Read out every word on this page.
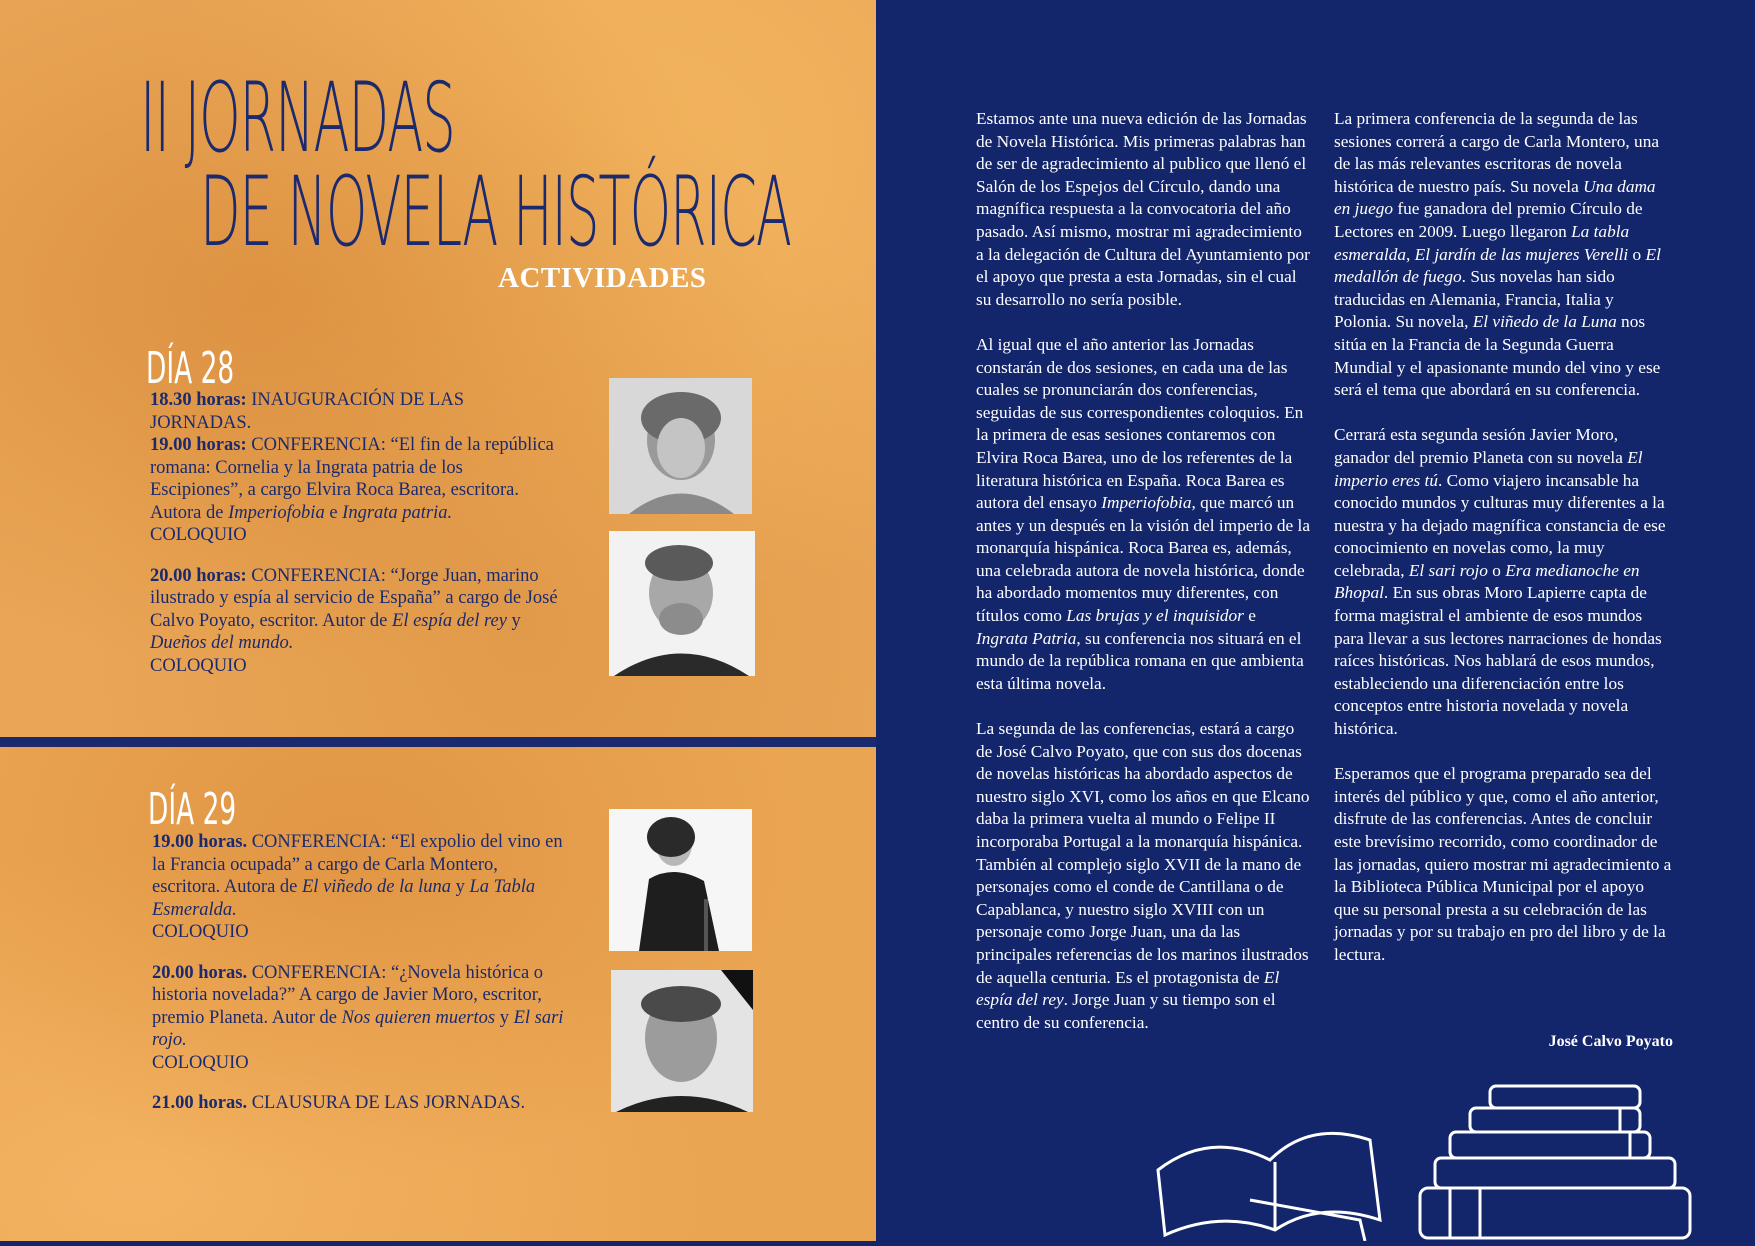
II JORNADAS
DE NOVELA HISTÓRICA
ACTIVIDADES
DÍA 28

18.30 horas: INAUGURACIÓN DE LAS JORNADAS.

19.00 horas: CONFERENCIA: “El fin de la república romana: Cornelia y la Ingrata patria de los Escipiones”, a cargo Elvira Roca Barea, escritora. Autora de Imperiofobia e Ingrata patria.

COLOQUIO

20.00 horas: CONFERENCIA: “Jorge Juan, marino ilustrado y espía al servicio de España” a cargo de José Calvo Poyato, escritor. Autor de El espía del rey y Dueños del mundo.

COLOQUIO

DÍA 29

19.00 horas. CONFERENCIA: “El expolio del vino en la Francia ocupada” a cargo de Carla Montero, escritora. Autora de El viñedo de la luna y La Tabla Esmeralda.

COLOQUIO

20.00 horas. CONFERENCIA: “¿Novela histórica o historia novelada?” A cargo de Javier Moro, escritor, premio Planeta. Autor de Nos quieren muertos y El sari rojo.

COLOQUIO

21.00 horas. CLAUSURA DE LAS JORNADAS.

Estamos ante una nueva edición de las Jornadas de Novela Histórica. Mis primeras palabras han de ser de agradecimiento al publico que llenó el Salón de los Espejos del Círculo, dando una magnífica respuesta a la convocatoria del año pasado. Así mismo, mostrar mi agradecimiento a la delegación de Cultura del Ayuntamiento por el apoyo que presta a esta Jornadas, sin el cual su desarrollo no sería posible.

Al igual que el año anterior las Jornadas constarán de dos sesiones, en cada una de las cuales se pronunciarán dos conferencias, seguidas de sus correspondientes coloquios. En la primera de esas sesiones contaremos con Elvira Roca Barea, uno de los referentes de la literatura histórica en España. Roca Barea es autora del ensayo Imperiofobia, que marcó un antes y un después en la visión del imperio de la monarquía hispánica. Roca Barea es, además, una celebrada autora de novela histórica, donde ha abordado momentos muy diferentes, con títulos como Las brujas y el inquisidor e Ingrata Patria, su conferencia nos situará en el mundo de la república romana en que ambienta esta última novela.

La segunda de las conferencias, estará a cargo de José Calvo Poyato, que con sus dos docenas de novelas históricas ha abordado aspectos de nuestro siglo XVI, como los años en que Elcano daba la primera vuelta al mundo o Felipe II incorporaba Portugal a la monarquía hispánica. También al complejo siglo XVII de la mano de personajes como el conde de Cantillana o de Capablanca, y nuestro siglo XVIII con un personaje como Jorge Juan, una da las principales referencias de los marinos ilustrados de aquella centuria. Es el protagonista de El espía del rey. Jorge Juan y su tiempo son el centro de su conferencia.

La primera conferencia de la segunda de las sesiones correrá a cargo de Carla Montero, una de las más relevantes escritoras de novela histórica de nuestro país. Su novela Una dama en juego fue ganadora del premio Círculo de Lectores en 2009. Luego llegaron La tabla esmeralda, El jardín de las mujeres Verelli o El medallón de fuego. Sus novelas han sido traducidas en Alemania, Francia, Italia y Polonia. Su novela, El viñedo de la Luna nos sitúa en la Francia de la Segunda Guerra Mundial y el apasionante mundo del vino y ese será el tema que abordará en su conferencia.

Cerrará esta segunda sesión Javier Moro, ganador del premio Planeta con su novela El imperio eres tú. Como viajero incansable ha conocido mundos y culturas muy diferentes a la nuestra y ha dejado magnífica constancia de ese conocimiento en novelas como, la muy celebrada, El sari rojo o Era medianoche en Bhopal. En sus obras Moro Lapierre capta de forma magistral el ambiente de esos mundos para llevar a sus lectores narraciones de hondas raíces históricas. Nos hablará de esos mundos, estableciendo una diferenciación entre los conceptos entre historia novelada y novela histórica.

Esperamos que el programa preparado sea del interés del público y que, como el año anterior, disfrute de las conferencias. Antes de concluir este brevísimo recorrido, como coordinador de las jornadas, quiero mostrar mi agradecimiento a la Biblioteca Pública Municipal por el apoyo que su personal presta a su celebración de las jornadas y por su trabajo en pro del libro y de la lectura.

José Calvo Poyato
